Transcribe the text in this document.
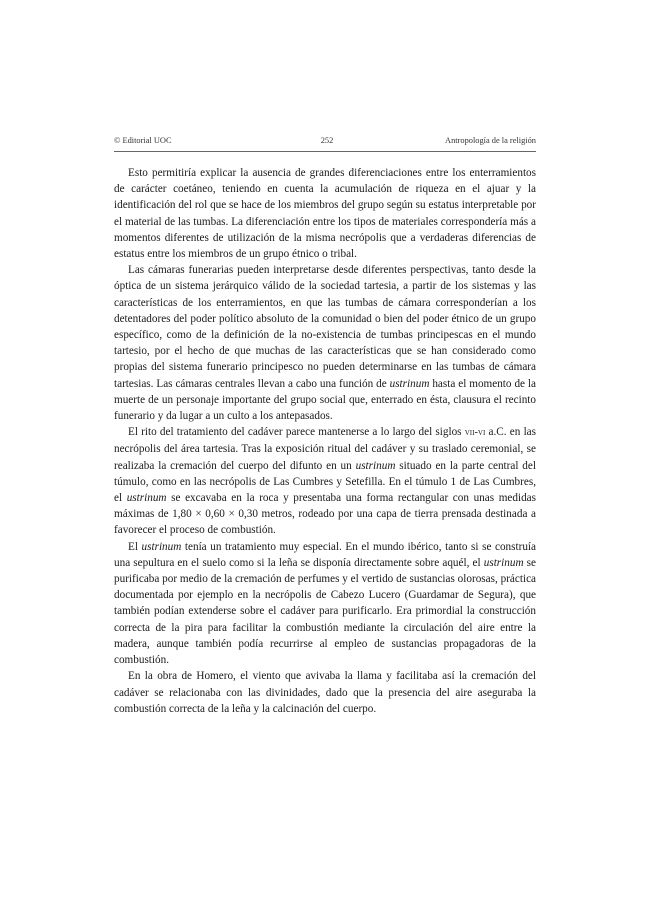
© Editorial UOC	252	Antropología de la religión

Esto permitiría explicar la ausencia de grandes diferenciaciones entre los enterramientos de carácter coetáneo, teniendo en cuenta la acumulación de riqueza en el ajuar y la identificación del rol que se hace de los miembros del grupo según su estatus interpretable por el material de las tumbas. La diferenciación entre los tipos de materiales correspondería más a momentos diferentes de utilización de la misma necrópolis que a verdaderas diferencias de estatus entre los miembros de un grupo étnico o tribal.

Las cámaras funerarias pueden interpretarse desde diferentes perspectivas, tanto desde la óptica de un sistema jerárquico válido de la sociedad tartesia, a partir de los sistemas y las características de los enterramientos, en que las tumbas de cámara corresponderían a los detentadores del poder político absoluto de la comunidad o bien del poder étnico de un grupo específico, como de la definición de la no-existencia de tumbas principescas en el mundo tartesio, por el hecho de que muchas de las características que se han considerado como propias del sistema funerario principesco no pueden determinarse en las tumbas de cámara tartesias. Las cámaras centrales llevan a cabo una función de ustrinum hasta el momento de la muerte de un personaje importante del grupo social que, enterrado en ésta, clausura el recinto funerario y da lugar a un culto a los antepasados.

El rito del tratamiento del cadáver parece mantenerse a lo largo del siglos vii-vi a.C. en las necrópolis del área tartesia. Tras la exposición ritual del cadáver y su traslado ceremonial, se realizaba la cremación del cuerpo del difunto en un ustrinum situado en la parte central del túmulo, como en las necrópolis de Las Cumbres y Setefilla. En el túmulo 1 de Las Cumbres, el ustrinum se excavaba en la roca y presentaba una forma rectangular con unas medidas máximas de 1,80 × 0,60 × 0,30 metros, rodeado por una capa de tierra prensada destinada a favorecer el proceso de combustión.

El ustrinum tenía un tratamiento muy especial. En el mundo ibérico, tanto si se construía una sepultura en el suelo como si la leña se disponía directamente sobre aquél, el ustrinum se purificaba por medio de la cremación de perfumes y el vertido de sustancias olorosas, práctica documentada por ejemplo en la necrópolis de Cabezo Lucero (Guardamar de Segura), que también podían extenderse sobre el cadáver para purificarlo. Era primordial la construcción correcta de la pira para facilitar la combustión mediante la circulación del aire entre la madera, aunque también podía recurrirse al empleo de sustancias propagadoras de la combustión.

En la obra de Homero, el viento que avivaba la llama y facilitaba así la cremación del cadáver se relacionaba con las divinidades, dado que la presencia del aire aseguraba la combustión correcta de la leña y la calcinación del cuerpo.
